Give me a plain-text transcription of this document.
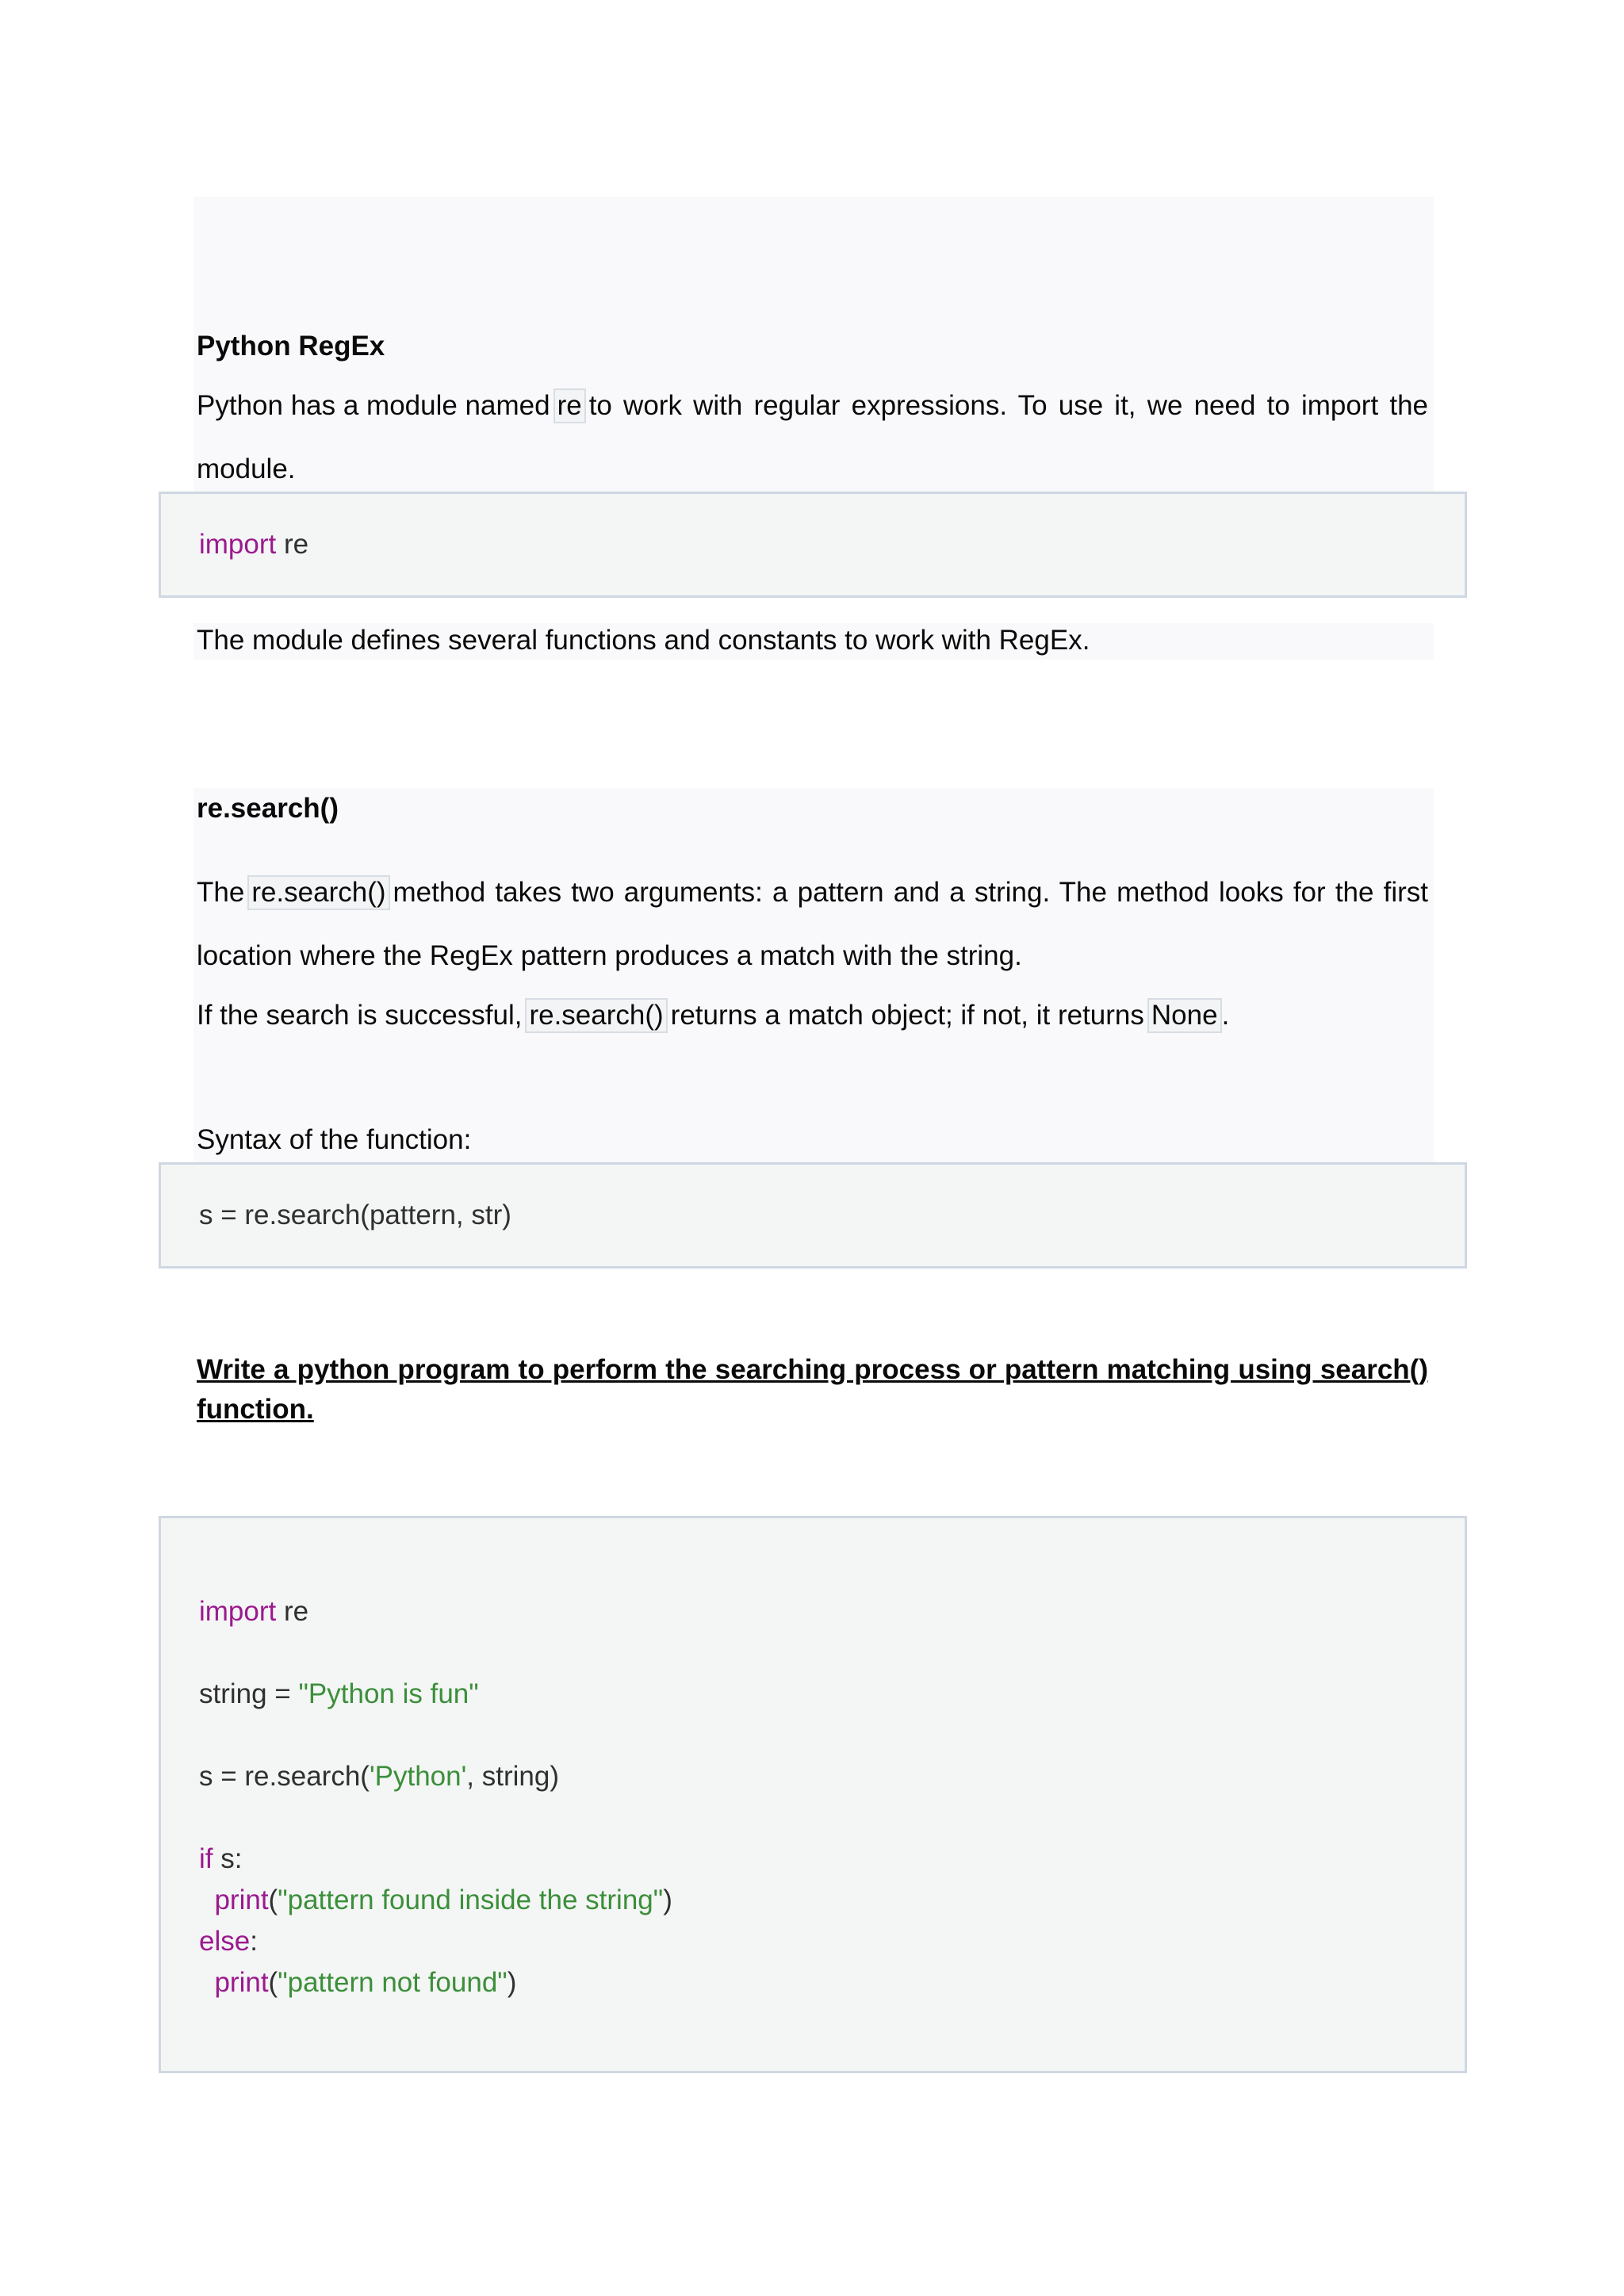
Python RegEx
Python has a module named re to work with regular expressions. To use it, we need to import the
module.
import re
The module defines several functions and constants to work with RegEx.
re.search()
The re.search() method takes two arguments: a pattern and a string. The method looks for the first
location where the RegEx pattern produces a match with the string.
If the search is successful, re.search() returns a match object; if not, it returns None .
Syntax of the function:
s = re.search(pattern, str)
Write a python program to perform the searching process or pattern matching using search() function.
import re
string = "Python is fun"
s = re.search('Python', string)
if s:
print("pattern found inside the string")
else:
print("pattern not found")
